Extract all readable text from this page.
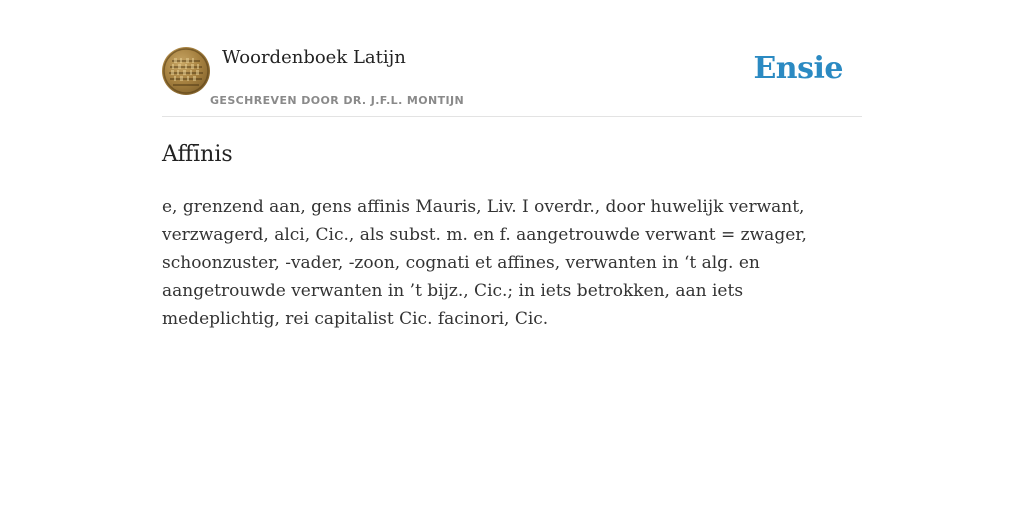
Woordenboek Latijn
GESCHREVEN DOOR DR. J.F.L. MONTIJN
Ensie
Affīnis

e, grenzend aan, gens affinis Mauris, Liv. I overdr., door huwelijk verwant, verzwagerd, alci, Cic., als subst. m. en f. aangetrouwde verwant = zwager, schoonzuster, -vader, -zoon, cognati et affines, verwanten in ‘t alg. en aangetrouwde verwanten in ’t bijz., Cic.; in iets betrokken, aan iets medeplichtig, rei capitalist Cic. facinori, Cic.
